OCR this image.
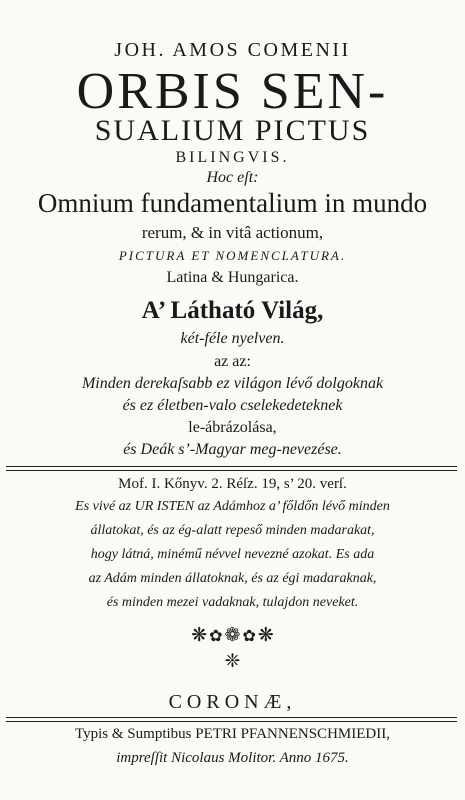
JOH. AMOS COMENII
ORBIS SEN-
SUALIUM PICTUS
BILINGVIS.
Hoc eſt:
Omnium fundamentalium in mundo
rerum, & in vitâ actionum,
PICTURA ET NOMENCLATURA.
Latina & Hungarica.
A’ Látható Világ,
két-féle nyelven.
az az:
Minden derekaſsabb ez világon lévő dolgoknak
és ez életben-valo cselekedeteknek
le-ábrázolása,
és Deák s’-Magyar meg-nevezése.
Mof. I. Kőnyv. 2. Réſz. 19, s’ 20. verſ.
Es vivé az UR ISTEN az Adámhoz a’ főldőn lévő minden
állatokat, és az ég-alatt repeső minden madarakat,
hogy látná, minémű névvel nevezné azokat. Es ada
az Adám minden állatoknak, és az égi madaraknak,
és minden mezei vadaknak, tulajdon neveket.
❋ ✿ ❁ ✿ ❋
❈
CORONÆ,
Typis & Sumptibus PETRI PFANNENSCHMIEDII,
impreſſit Nicolaus Molitor. Anno 1675.
